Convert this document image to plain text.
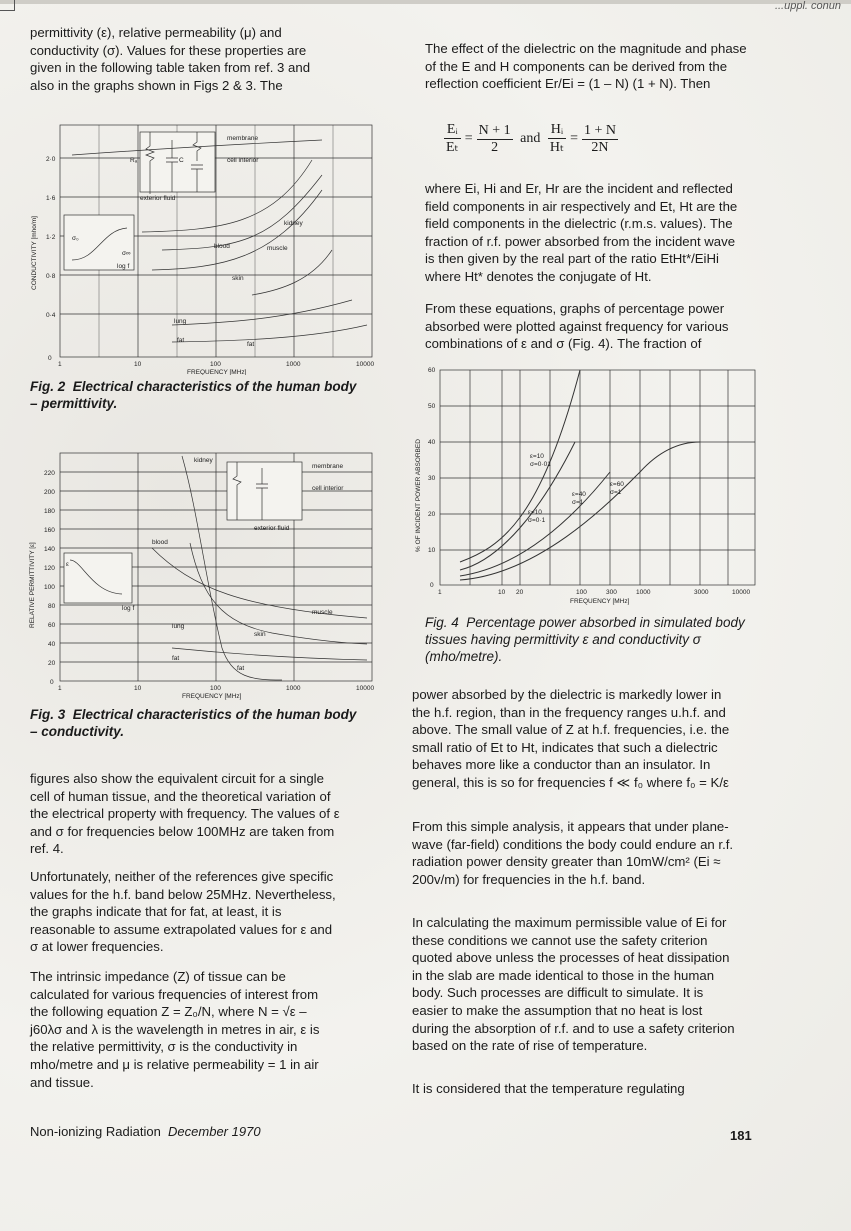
...uppl. conun
permittivity (ε), relative permeability (μ) and conductivity (σ). Values for these properties are given in the following table taken from ref. 3 and also in the graphs shown in Figs 2 & 3. The
membrane
cell interior
exterior fluid
blood
kidney
muscle
skin
lung
fat
fat
log f
σ₀
σ∞
Rₐ	C
0
0·4
0·8
1·2
1·6
2·0
1	10	100	1000	10000
FREQUENCY [MHz]
CONDUCTIVITY [mho/m]
Fig. 2 Electrical characteristics of the human body – permittivity.
kidney
membrane
cell interior
exterior fluid
blood
muscle
skin
lung
fat
fat
log f
ε
0
20
40
60
80
100
120
140
160
180
200
220
1	10	100	1000	10000
FREQUENCY [MHz]
RELATIVE PERMITTIVITY [ε]
Fig. 3 Electrical characteristics of the human body – conductivity.
figures also show the equivalent circuit for a single cell of human tissue, and the theoretical variation of the electrical property with frequency. The values of ε and σ for frequencies below 100MHz are taken from ref. 4.
Unfortunately, neither of the references give specific values for the h.f. band below 25MHz. Nevertheless, the graphs indicate that for fat, at least, it is reasonable to assume extrapolated values for ε and σ at lower frequencies.
The intrinsic impedance (Z) of tissue can be calculated for various frequencies of interest from the following equation Z = Z₀/N, where N = √ε – j60λσ and λ is the wavelength in metres in air, ε is the relative permittivity, σ is the conductivity in mho/metre and μ is relative permeability = 1 in air and tissue.
The effect of the dielectric on the magnitude and phase of the E and H components can be derived from the reflection coefficient Er/Ei = (1 – N) (1 + N). Then
$\frac{\text{Eᵢ}}{\text{Eₜ}} = \frac{N + 1}{2}$ and $\frac{\text{Hᵢ}}{\text{Hₜ}} = \frac{1 + N}{2N}$
where Ei, Hi and Er, Hr are the incident and reflected field components in air respectively and Et, Ht are the field components in the dielectric (r.m.s. values). The fraction of r.f. power absorbed from the incident wave is then given by the real part of the ratio EtHt*/EiHi where Ht* denotes the conjugate of Ht.
From these equations, graphs of percentage power absorbed were plotted against frequency for various combinations of ε and σ (Fig. 4). The fraction of
ε=10
σ=0·01
ε=10
σ=0·1
ε=40
σ=1
ε=60
σ=1
0
10
20
30
40
50
60
1	10 20	100	300	1000	3000	10000
FREQUENCY [MHz]
% OF INCIDENT POWER ABSORBED
Fig. 4 Percentage power absorbed in simulated body tissues having permittivity ε and conductivity σ (mho/metre).
power absorbed by the dielectric is markedly lower in the h.f. region, than in the frequency ranges u.h.f. and above. The small value of Z at h.f. frequencies, i.e. the small ratio of Et to Ht, indicates that such a dielectric behaves more like a conductor than an insulator. In general, this is so for frequencies f ≪ f₀ where f₀ = K/ε
From this simple analysis, it appears that under plane-wave (far-field) conditions the body could endure an r.f. radiation power density greater than 10mW/cm² (Ei ≈ 200v/m) for frequencies in the h.f. band.
In calculating the maximum permissible value of Ei for these conditions we cannot use the safety criterion quoted above unless the processes of heat dissipation in the slab are made identical to those in the human body. Such processes are difficult to simulate. It is easier to make the assumption that no heat is lost during the absorption of r.f. and to use a safety criterion based on the rate of rise of temperature.
It is considered that the temperature regulating
Non-ionizing Radiation December 1970	181
